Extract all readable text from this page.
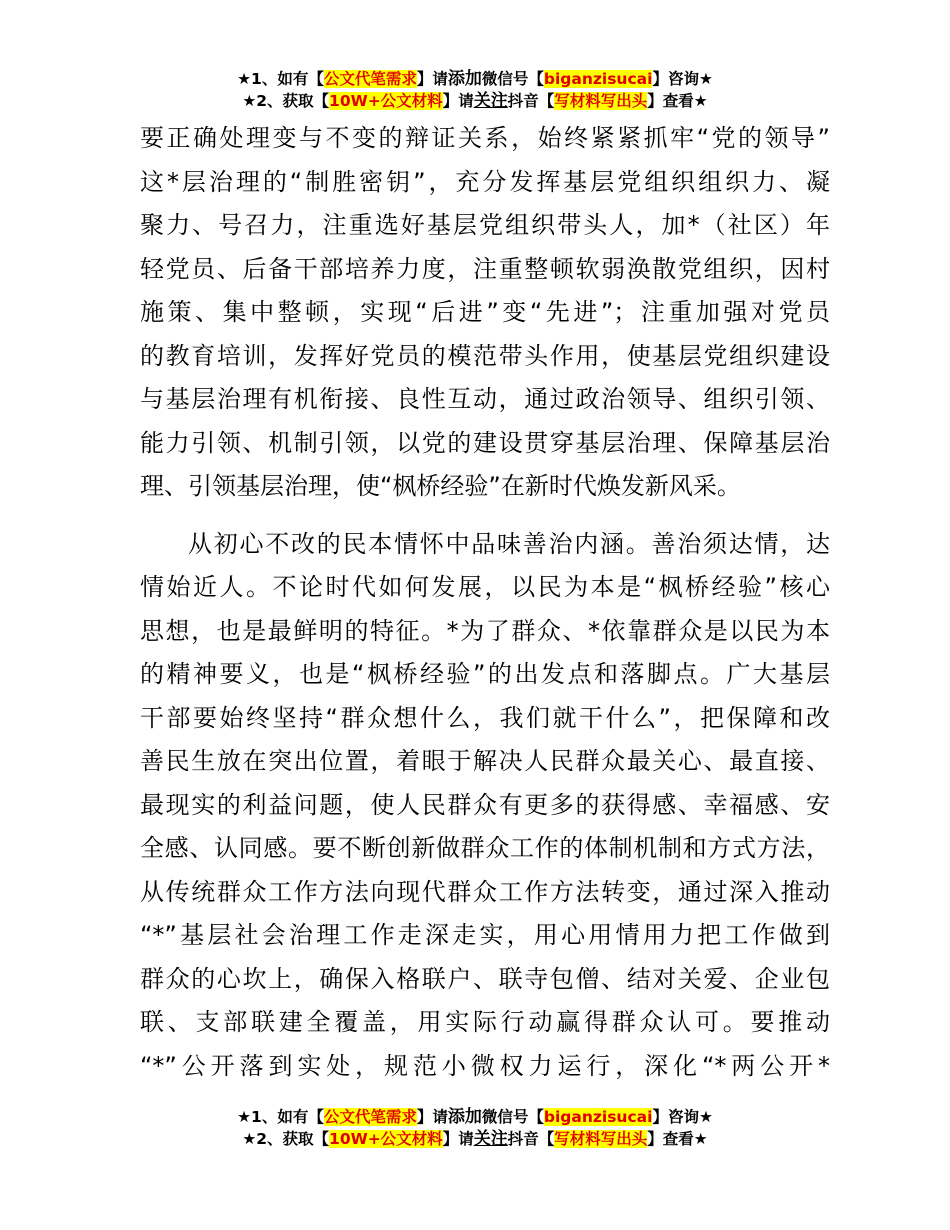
★1、如有【公文代笔需求】请添加微信号【biganzisucai】咨询★
★2、获取【10W+公文材料】请关注抖音【写材料写出头】查看★
要正确处理变与不变的辩证关系，始终紧紧抓牢“党的领导”
这*层治理的“制胜密钥”，充分发挥基层党组织组织力、凝
聚力、号召力，注重选好基层党组织带头人，加*（社区）年
轻党员、后备干部培养力度，注重整顿软弱涣散党组织，因村
施策、集中整顿，实现“后进”变“先进”；注重加强对党员
的教育培训，发挥好党员的模范带头作用，使基层党组织建设
与基层治理有机衔接、良性互动，通过政治领导、组织引领、
能力引领、机制引领，以党的建设贯穿基层治理、保障基层治
理、引领基层治理，使“枫桥经验”在新时代焕发新风采。
从初心不改的民本情怀中品味善治内涵。善治须达情，达
情始近人。不论时代如何发展，以民为本是“枫桥经验”核心
思想，也是最鲜明的特征。*为了群众、*依靠群众是以民为本
的精神要义，也是“枫桥经验”的出发点和落脚点。广大基层
干部要始终坚持“群众想什么，我们就干什么”，把保障和改
善民生放在突出位置，着眼于解决人民群众最关心、最直接、
最现实的利益问题，使人民群众有更多的获得感、幸福感、安
全感、认同感。要不断创新做群众工作的体制机制和方式方法，
从传统群众工作方法向现代群众工作方法转变，通过深入推动
“*”基层社会治理工作走深走实，用心用情用力把工作做到
群众的心坎上，确保入格联户、联寺包僧、结对关爱、企业包
联、支部联建全覆盖，用实际行动赢得群众认可。要推动
“*”公开落到实处，规范小微权力运行，深化“*两公开*
★1、如有【公文代笔需求】请添加微信号【biganzisucai】咨询★
★2、获取【10W+公文材料】请关注抖音【写材料写出头】查看★
